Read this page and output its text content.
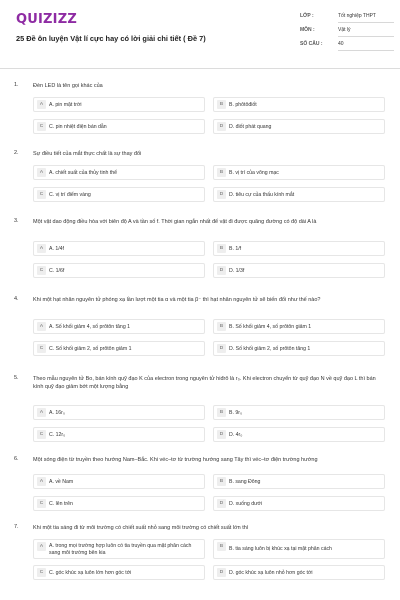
QUIZIZZ
25 Đề ôn luyện Vật lí cực hay có lời giải chi tiết ( Đề 7)
LỚP :	Tốt nghiệp THPT
MÔN :	Vật lý
SỐ CÂU :	40
1.	Đèn LED là tên gọi khác của
A	A. pin mặt trời	B	B. phôtôđiốt
C	C. pin nhiệt điện bán dẫn	D	D. điốt phát quang
2.	Sự điều tiết của mắt thực chất là sự thay đổi
A	A. chiết suất của thủy tinh thể	B	B. vị trí của võng mạc
C	C. vị trí điểm vàng	D	D. tiêu cự của thấu kính mắt
3.	Một vật dao động điều hòa với biên độ A và tần số f. Thời gian ngắn nhất để vật đi được quãng đường có độ dài A là
A	A. 1/4f	B	B. 1/f
C	C. 1/6f	D	D. 1/3f
4.	Khi một hạt nhân nguyên tử phóng xạ lần lượt một tia α và một tia β⁻ thì hạt nhân nguyên tử sẽ biến đổi như thế nào?
A	A. Số khối giảm 4, số prôtôn tăng 1	B	B. Số khối giảm 4, số prôtôn giảm 1
C	C. Số khối giảm 2, số prôtôn giảm 1	D	D. Số khối giảm 2, số prôtôn tăng 1
5.	Theo mẫu nguyên tử Bo, bán kính quỹ đạo K của electron trong nguyên tử hiđrô là r₀. Khi electron chuyển từ quỹ đạo N về quỹ đạo L thì bán kính quỹ đạo giảm bớt một lượng bằng
A	A. 16r₀	B	B. 9r₀
C	C. 12r₀	D	D. 4r₀
6.	Một sóng điện từ truyền theo hướng Nam–Bắc. Khi véc–tơ từ trường hướng sang Tây thì véc–tơ điện trường hướng
A	A. về Nam	B	B. sang Đông
C	C. lên trên	D	D. xuống dưới
7.	Khi một tia sáng đi từ môi trường có chiết suất nhỏ sang môi trường có chiết suất lớn thì
A	A. trong mọi trường hợp luôn có tia truyền qua mặt phân cách sang môi trường bên kia
B	B. tia sáng luôn bị khúc xạ tại mặt phân cách
C	C. góc khúc xạ luôn lớn hơn góc tới	D	D. góc khúc xạ luôn nhỏ hơn góc tới
